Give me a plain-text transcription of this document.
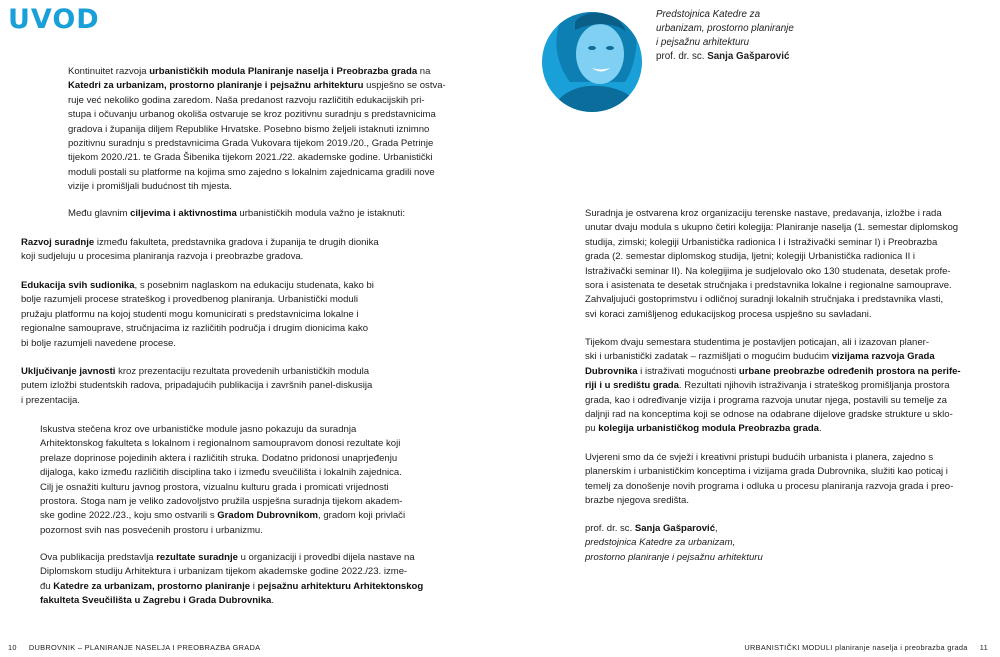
UVOD	Predstojnica Katedre za
urbanizam, prostorno planiranje
i pejsažnu arhitekturu
prof. dr. sc. Sanja Gašparović
Kontinuitet razvoja urbanističkih modula Planiranje naselja i Preobrazba grada na
Katedri za urbanizam, prostorno planiranje i pejsažnu arhitekturu uspješno se ostva-
ruje već nekoliko godina zaredom. Naša predanost razvoju različitih edukacijskih pri-
stupa i očuvanju urbanog okoliša ostvaruje se kroz pozitivnu suradnju s predstavnicima
gradova i županija diljem Republike Hrvatske. Posebno bismo željeli istaknuti iznimno
pozitivnu suradnju s predstavnicima Grada Vukovara tijekom 2019./20., Grada Petrinje
tijekom 2020./21. te Grada Šibenika tijekom 2021./22. akademske godine. Urbanistički
moduli postali su platforme na kojima smo zajedno s lokalnim zajednicama gradili nove
vizije i promišljali budućnost tih mjesta.
Među glavnim ciljevima i aktivnostima urbanističkih modula važno je istaknuti:
Razvoj suradnje između fakulteta, predstavnika gradova i županija te drugih dionika
koji sudjeluju u procesima planiranja razvoja i preobrazbe gradova.
Edukacija svih sudionika, s posebnim naglaskom na edukaciju studenata, kako bi
bolje razumjeli procese strateškog i provedbenog planiranja. Urbanistički moduli
pružaju platformu na kojoj studenti mogu komunicirati s predstavnicima lokalne i
regionalne samouprave, stručnjacima iz različitih područja i drugim dionicima kako
bi bolje razumjeli navedene procese.
Uključivanje javnosti kroz prezentaciju rezultata provedenih urbanističkih modula
putem izložbi studentskih radova, pripadajućih publikacija i završnih panel-diskusija
i prezentacija.
Iskustva stečena kroz ove urbanističke module jasno pokazuju da suradnja
Arhitektonskog fakulteta s lokalnom i regionalnom samoupravom donosi rezultate koji
prelaze doprinose pojedinih aktera i različitih struka. Dodatno pridonosi unaprjeđenju
dijaloga, kako između različitih disciplina tako i između sveučilišta i lokalnih zajednica.
Cilj je osnažiti kulturu javnog prostora, vizualnu kulturu grada i promicati vrijednosti
prostora. Stoga nam je veliko zadovoljstvo pružila uspješna suradnja tijekom akadem-
ske godine 2022./23., koju smo ostvarili s Gradom Dubrovnikom, gradom koji privlači
pozornost svih nas posvećenih prostoru i urbanizmu.
Ova publikacija predstavlja rezultate suradnje u organizaciji i provedbi dijela nastave na
Diplomskom studiju Arhitektura i urbanizam tijekom akademske godine 2022./23. izme-
đu Katedre za urbanizam, prostorno planiranje i pejsažnu arhitekturu Arhitektonskog
fakulteta Sveučilišta u Zagrebu i Grada Dubrovnika.
Suradnja je ostvarena kroz organizaciju terenske nastave, predavanja, izložbe i rada
unutar dvaju modula s ukupno četiri kolegija: Planiranje naselja (1. semestar diplomskog
studija, zimski; kolegiji Urbanistička radionica I i Istraživački seminar I) i Preobrazba
grada (2. semestar diplomskog studija, ljetni; kolegiji Urbanistička radionica II i
Istraživački seminar II). Na kolegijima je sudjelovalo oko 130 studenata, desetak profe-
sora i asistenata te desetak stručnjaka i predstavnika lokalne i regionalne samouprave.
Zahvaljujući gostoprimstvu i odličnoj suradnji lokalnih stručnjaka i predstavnika vlasti,
svi koraci zamišljenog edukacijskog procesa uspješno su savladani.
Tijekom dvaju semestara studentima je postavljen poticajan, ali i izazovan planer-
ski i urbanistički zadatak – razmišljati o mogućim budućim vizijama razvoja Grada
Dubrovnika i istraživati mogućnosti urbane preobrazbe određenih prostora na perife-
riji i u središtu grada. Rezultati njihovih istraživanja i strateškog promišljanja prostora
grada, kao i određivanje vizija i programa razvoja unutar njega, postavili su temelje za
daljnji rad na konceptima koji se odnose na odabrane dijelove gradske strukture u sklo-
pu kolegija urbanističkog modula Preobrazba grada.
Uvjereni smo da će svježi i kreativni pristupi budućih urbanista i planera, zajedno s
planerskim i urbanističkim konceptima i vizijama grada Dubrovnika, služiti kao poticaj i
temelj za donošenje novih programa i odluka u procesu planiranja razvoja grada i preo-
brazbe njegova središta.
prof. dr. sc. Sanja Gašparović,
predstojnica Katedre za urbanizam,
prostorno planiranje i pejsažnu arhitekturu
10 DUBROVNIK – PLANIRANJE NASELJA I PREOBRAZBA GRADA	URBANISTIČKI MODULI planiranje naselja i preobrazba grada 11
